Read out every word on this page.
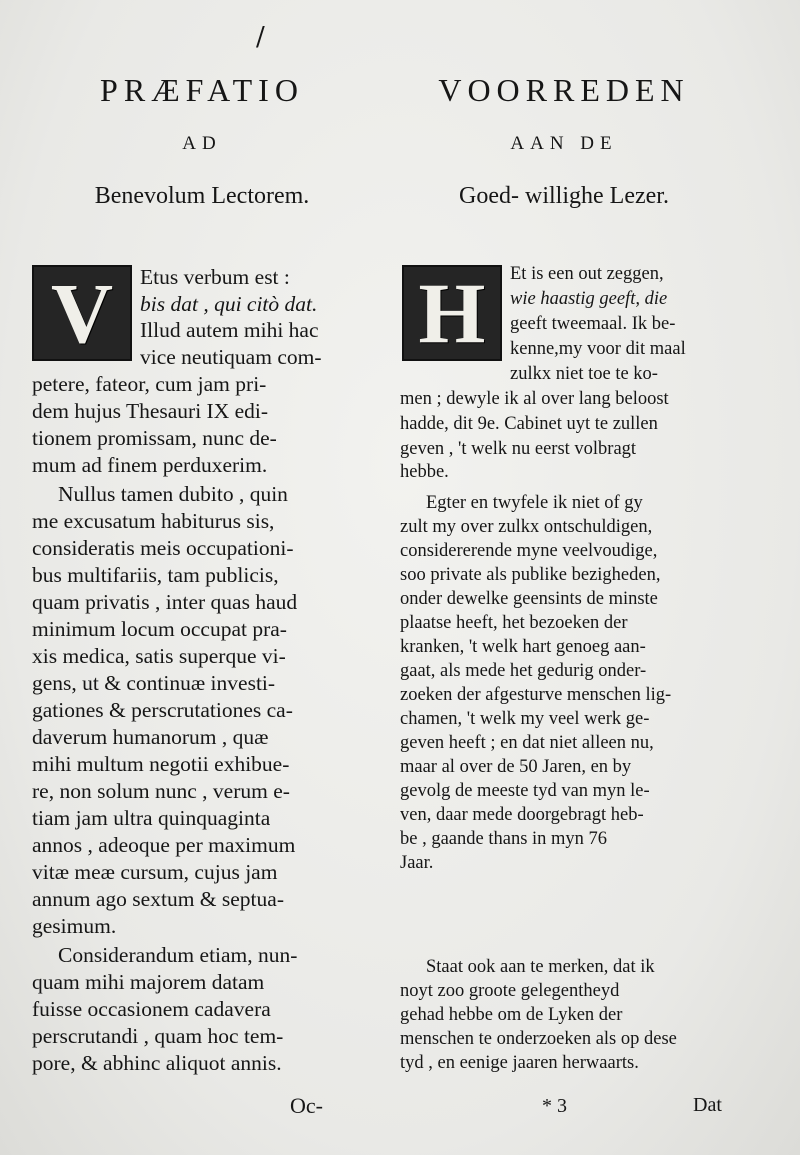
/
PRÆFATIO
AD
Benevolum Lectorem.
V Etus verbum est :
bis dat , qui citò dat.
Illud autem mihi hac
vice neutiquam com-
petere, fateor, cum jam pri-
dem hujus Thesauri IX edi-
tionem promissam, nunc de-
mum ad finem perduxerim.
Nullus tamen dubito , quin
me excusatum habiturus sis,
consideratis meis occupationi-
bus multifariis, tam publicis,
quam privatis , inter quas haud
minimum locum occupat pra-
xis medica, satis superque vi-
gens, ut & continuæ investi-
gationes & perscrutationes ca-
daverum humanorum , quæ
mihi multum negotii exhibue-
re, non solum nunc , verum e-
tiam jam ultra quinquaginta
annos , adeoque per maximum
vitæ meæ cursum, cujus jam
annum ago sextum & septua-
gesimum.
Considerandum etiam, nun-
quam mihi majorem datam
fuisse occasionem cadavera
perscrutandi , quam hoc tem-
pore, & abhinc aliquot annis.
VOORREDEN
AAN DE
Goed- willighe Lezer.
H Et is een out zeggen,
wie haastig geeft, die
geeft tweemaal. Ik be-
kenne,my voor dit maal
zulkx niet toe te ko-
men ; dewyle ik al over lang beloost
hadde, dit 9e. Cabinet uyt te zullen
geven , 't welk nu eerst volbragt
hebbe.
Egter en twyfele ik niet of gy
zult my over zulkx ontschuldigen,
considererende myne veelvoudige,
soo private als publike bezigheden,
onder dewelke geensints de minste
plaatse heeft, het bezoeken der
kranken, 't welk hart genoeg aan-
gaat, als mede het gedurig onder-
zoeken der afgesturve menschen lig-
chamen, 't welk my veel werk ge-
geven heeft ; en dat niet alleen nu,
maar al over de 50 Jaren, en by
gevolg de meeste tyd van myn le-
ven, daar mede doorgebragt heb-
be , gaande thans in myn 76
Jaar.
Staat ook aan te merken, dat ik
noyt zoo groote gelegentheyd
gehad hebbe om de Lyken der
menschen te onderzoeken als op dese
tyd , en eenige jaaren herwaarts.
Oc-	* 3	Dat
